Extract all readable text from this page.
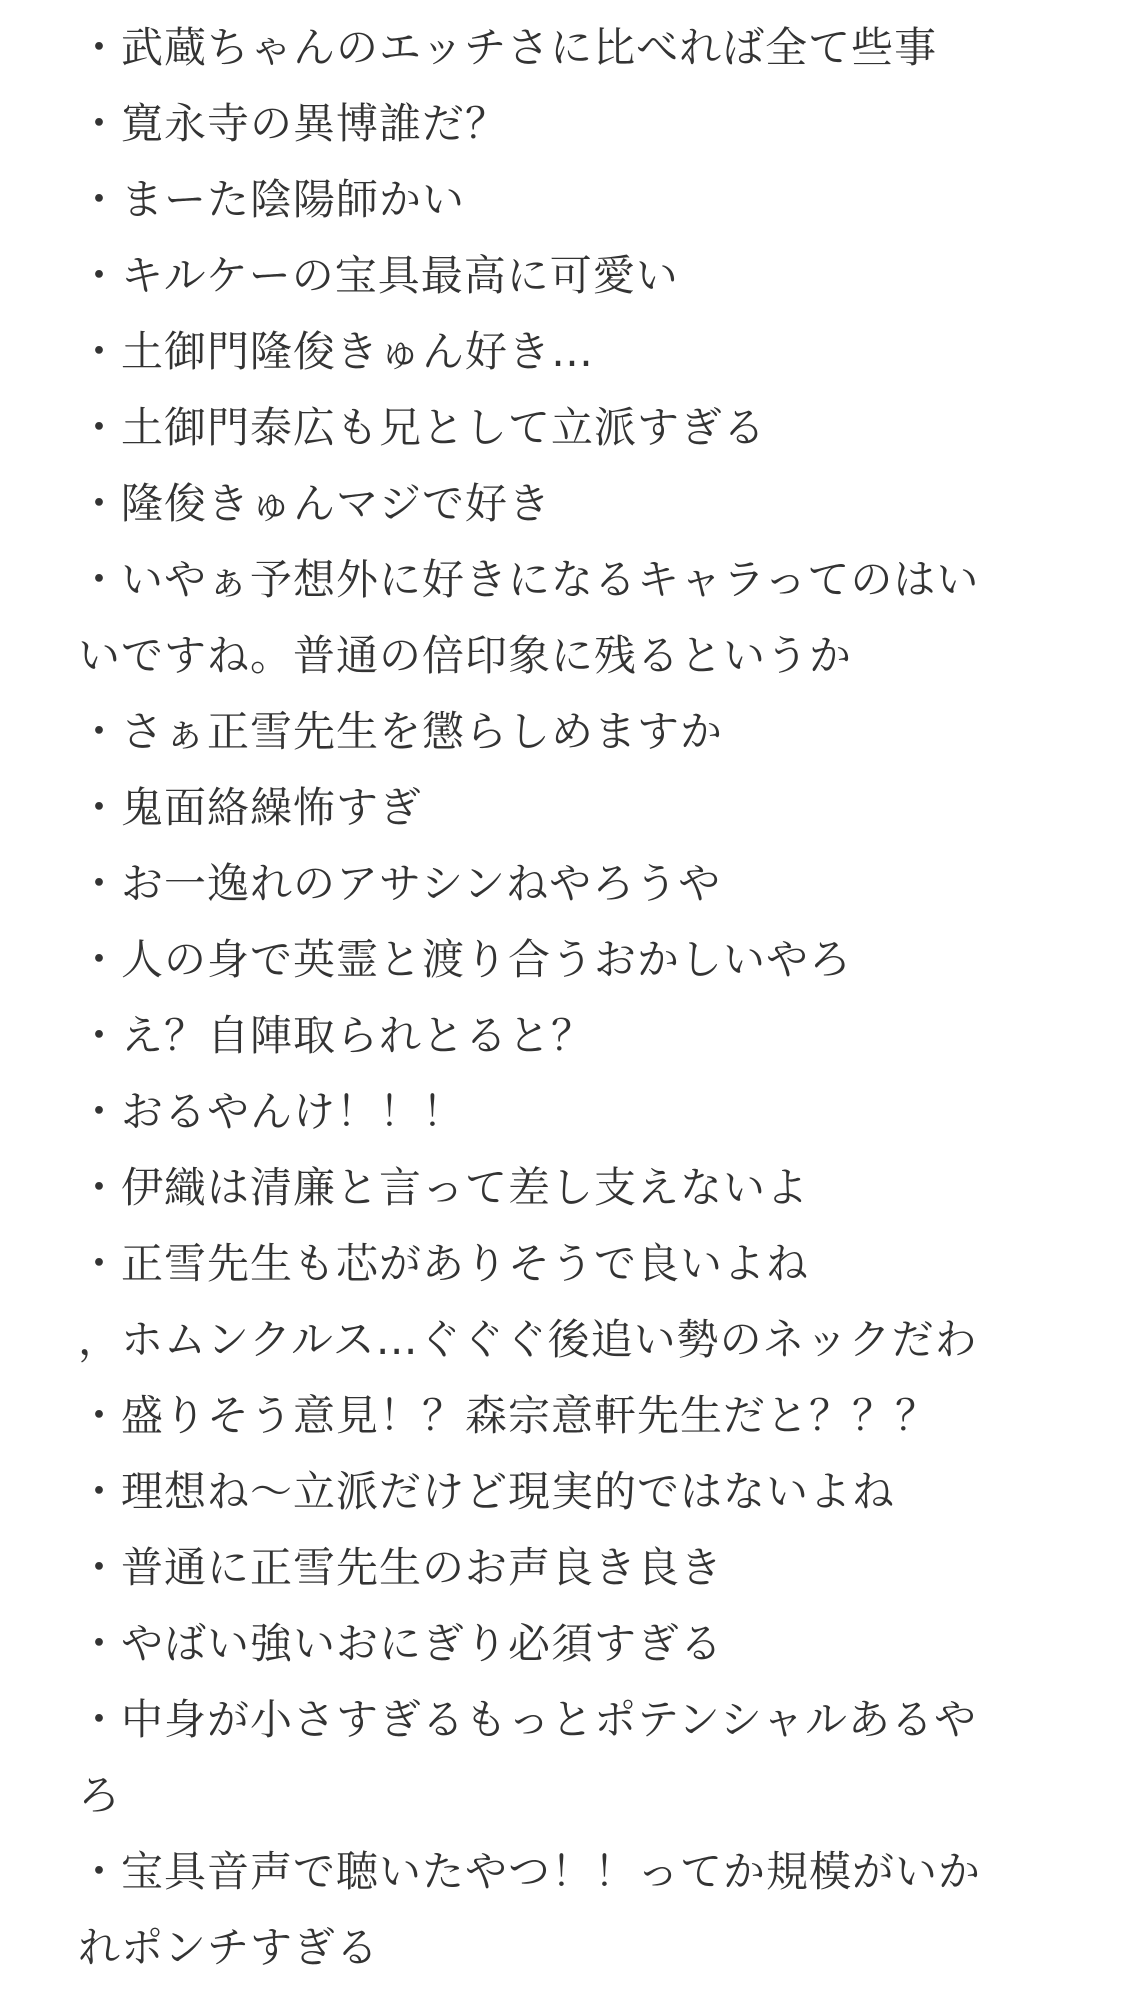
・武蔵ちゃんのエッチさに比べれば全て些事
・寛永寺の異博誰だ？
・まーた陰陽師かい
・キルケーの宝具最高に可愛い
・土御門隆俊きゅん好き…
・土御門泰広も兄として立派すぎる
・隆俊きゅんマジで好き
・いやぁ予想外に好きになるキャラってのはい
いですね。普通の倍印象に残るというか
・さぁ正雪先生を懲らしめますか
・鬼面絡繰怖すぎ
・お一逸れのアサシンねやろうや
・人の身で英霊と渡り合うおかしいやろ
・え？自陣取られとると？
・おるやんけ！！！
・伊織は清廉と言って差し支えないよ
・正雪先生も芯がありそうで良いよね
，ホムンクルス…ぐぐぐ後追い勢のネックだわ
・盛りそう意見！？森宗意軒先生だと？？？
・理想ね〜立派だけど現実的ではないよね
・普通に正雪先生のお声良き良き
・やばい強いおにぎり必須すぎる
・中身が小さすぎるもっとポテンシャルあるや
ろ
・宝具音声で聴いたやつ！！ってか規模がいか
れポンチすぎる
